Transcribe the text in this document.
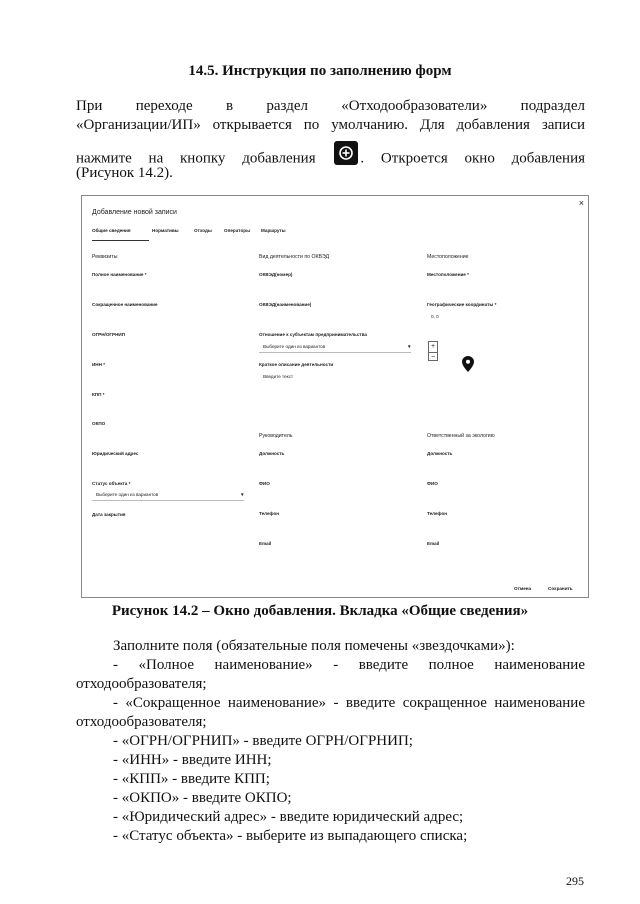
14.5. Инструкция по заполнению форм
При переходе в раздел «Отходообразователи» подраздел
«Организации/ИП» открывается по умолчанию. Для добавления записи
нажмите на кнопку добавления	. Откроется окно добавления
(Рисунок 14.2).
×
Добавление новой записи
Общие сведения	Нормативы	Отходы	Операторы Маршруты
Реквизиты
Полное наименование *
Сокращенное наименование
ОГРН/ОГРНИП
ИНН *
КПП *
ОКПО
Юридический адрес
Статус объекта *
Выберите один из вариантов	▼
Дата закрытия
Вид деятельности по ОКВЭД
ОКВЭД(номер)
ОКВЭД(наименование)
Отношение к субъектам предпринимательства
Выберите один из вариантов	▼
Краткое описание деятельности
Введите текст
Руководитель
Должность
ФИО
Телефон
Email
Местоположение
Местоположение *
Географические координаты *
0, 0
+
−
Ответственный за экологию
Должность
ФИО
Телефон
Email
Отмена	Сохранить
Рисунок 14.2 – Окно добавления. Вкладка «Общие сведения»
Заполните поля (обязательные поля помечены «звездочками»):
- «Полное наименование» - введите полное наименование
отходообразователя;
- «Сокращенное наименование» - введите сокращенное наименование
отходообразователя;
- «ОГРН/ОГРНИП» - введите ОГРН/ОГРНИП;
- «ИНН» - введите ИНН;
- «КПП» - введите КПП;
- «ОКПО» - введите ОКПО;
- «Юридический адрес» - введите юридический адрес;
- «Статус объекта» - выберите из выпадающего списка;
295
